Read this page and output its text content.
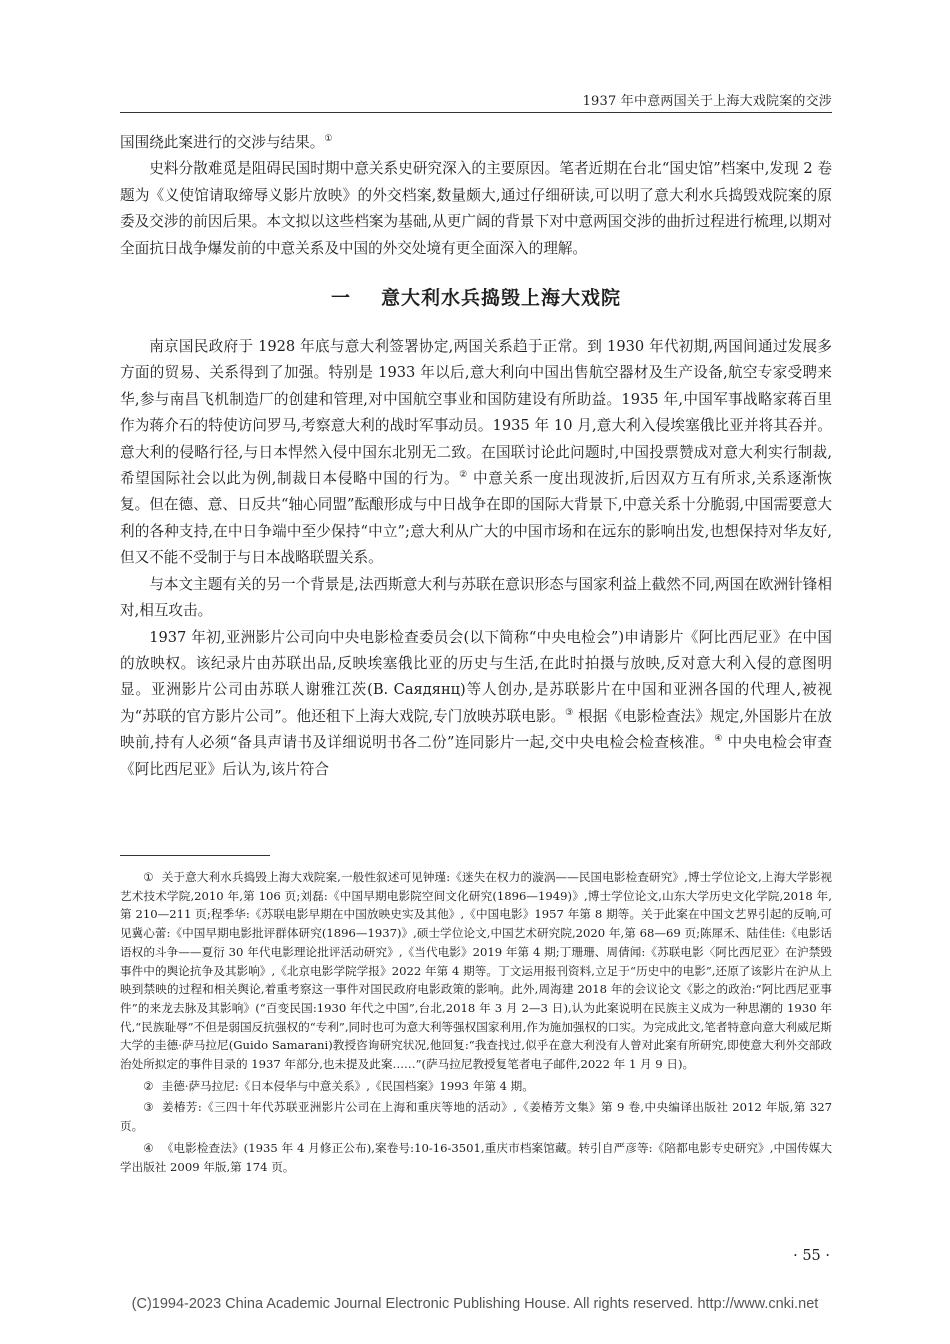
1937 年中意两国关于上海大戏院案的交涉

国围绕此案进行的交涉与结果。①

史料分散难觅是阻碍民国时期中意关系史研究深入的主要原因。笔者近期在台北“国史馆”档案中,发现 2 卷题为《义使馆请取缔辱义影片放映》的外交档案,数量颇大,通过仔细研读,可以明了意大利水兵捣毁戏院案的原委及交涉的前因后果。本文拟以这些档案为基础,从更广阔的背景下对中意两国交涉的曲折过程进行梳理,以期对全面抗日战争爆发前的中意关系及中国的外交处境有更全面深入的理解。

一 意大利水兵捣毁上海大戏院

南京国民政府于 1928 年底与意大利签署协定,两国关系趋于正常。到 1930 年代初期,两国间通过发展多方面的贸易、关系得到了加强。特别是 1933 年以后,意大利向中国出售航空器材及生产设备,航空专家受聘来华,参与南昌飞机制造厂的创建和管理,对中国航空事业和国防建设有所助益。1935 年,中国军事战略家蒋百里作为蒋介石的特使访问罗马,考察意大利的战时军事动员。1935 年 10 月,意大利入侵埃塞俄比亚并将其吞并。意大利的侵略行径,与日本悍然入侵中国东北别无二致。在国联讨论此问题时,中国投票赞成对意大利实行制裁,希望国际社会以此为例,制裁日本侵略中国的行为。② 中意关系一度出现波折,后因双方互有所求,关系逐渐恢复。但在德、意、日反共“轴心同盟”酝酿形成与中日战争在即的国际大背景下,中意关系十分脆弱,中国需要意大利的各种支持,在中日争端中至少保持“中立”;意大利从广大的中国市场和在远东的影响出发,也想保持对华友好,但又不能不受制于与日本战略联盟关系。

与本文主题有关的另一个背景是,法西斯意大利与苏联在意识形态与国家利益上截然不同,两国在欧洲针锋相对,相互攻击。

1937 年初,亚洲影片公司向中央电影检查委员会(以下简称“中央电检会”)申请影片《阿比西尼亚》在中国的放映权。该纪录片由苏联出品,反映埃塞俄比亚的历史与生活,在此时拍摄与放映,反对意大利入侵的意图明显。亚洲影片公司由苏联人谢雅江茨(B. Саядянц)等人创办,是苏联影片在中国和亚洲各国的代理人,被视为“苏联的官方影片公司”。他还租下上海大戏院,专门放映苏联电影。③ 根据《电影检查法》规定,外国影片在放映前,持有人必须“备具声请书及详细说明书各二份”连同影片一起,交中央电检会检查核准。④ 中央电检会审查《阿比西尼亚》后认为,该片符合

① 关于意大利水兵捣毁上海大戏院案,一般性叙述可见钟瑾:《迷失在权力的漩涡——民国电影检查研究》,博士学位论文,上海大学影视艺术技术学院,2010 年,第 106 页;刘磊:《中国早期电影院空间文化研究(1896—1949)》,博士学位论文,山东大学历史文化学院,2018 年,第 210—211 页;程季华:《苏联电影早期在中国放映史实及其他》,《中国电影》1957 年第 8 期等。关于此案在中国文艺界引起的反响,可见冀心蕾:《中国早期电影批评群体研究(1896—1937)》,硕士学位论文,中国艺术研究院,2020 年,第 68—69 页;陈犀禾、陆佳佳:《电影话语权的斗争——夏衍 30 年代电影理论批评活动研究》,《当代电影》2019 年第 4 期;丁珊珊、周倩闻:《苏联电影〈阿比西尼亚〉在沪禁毁事件中的舆论抗争及其影响》,《北京电影学院学报》2022 年第 4 期等。丁文运用报刊资料,立足于“历史中的电影”,还原了该影片在沪从上映到禁映的过程和相关舆论,着重考察这一事件对国民政府电影政策的影响。此外,周海建 2018 年的会议论文《影之的政治:“阿比西尼亚事件”的来龙去脉及其影响》(“百变民国:1930 年代之中国”,台北,2018 年 3 月 2—3 日),认为此案说明在民族主义成为一种思潮的 1930 年代,“民族耻辱”不但是弱国反抗强权的“专利”,同时也可为意大利等强权国家利用,作为施加强权的口实。为完成此文,笔者特意向意大利威尼斯大学的圭德·萨马拉尼(Guido Samarani)教授咨询研究状况,他回复:“我查找过,似乎在意大利没有人曾对此案有所研究,即使意大利外交部政治处所拟定的事件目录的 1937 年部分,也未提及此案……”(萨马拉尼教授复笔者电子邮件,2022 年 1 月 9 日)。

② 圭德·萨马拉尼:《日本侵华与中意关系》,《民国档案》1993 年第 4 期。

③ 姜椿芳:《三四十年代苏联亚洲影片公司在上海和重庆等地的活动》,《姜椿芳文集》第 9 卷,中央编译出版社 2012 年版,第 327 页。

④ 《电影检查法》(1935 年 4 月修正公布),案卷号:10-16-3501,重庆市档案馆藏。转引自严彦等:《陪都电影专史研究》,中国传媒大学出版社 2009 年版,第 174 页。

· 55 ·
(C)1994-2023 China Academic Journal Electronic Publishing House. All rights reserved. http://www.cnki.net
